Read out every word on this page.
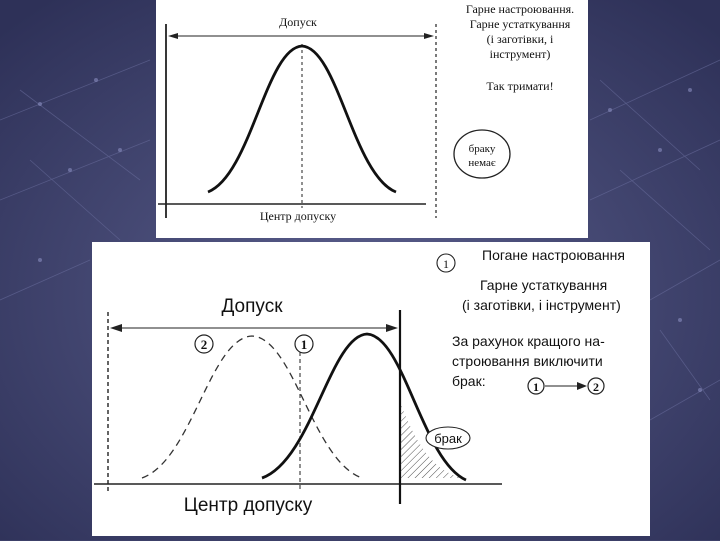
Допуск
Центр допуску
Гарне настроювання.
Гарне устаткування
(і заготівки, і
інструмент)
Так тримати!
браку
немає
Допуск
2	1
брак
Центр допуску
1
Погане настроювання
Гарне устаткування
(і заготівки, і інструмент)
За рахунок кращого на-
строювання виключити
брак:	1	2
